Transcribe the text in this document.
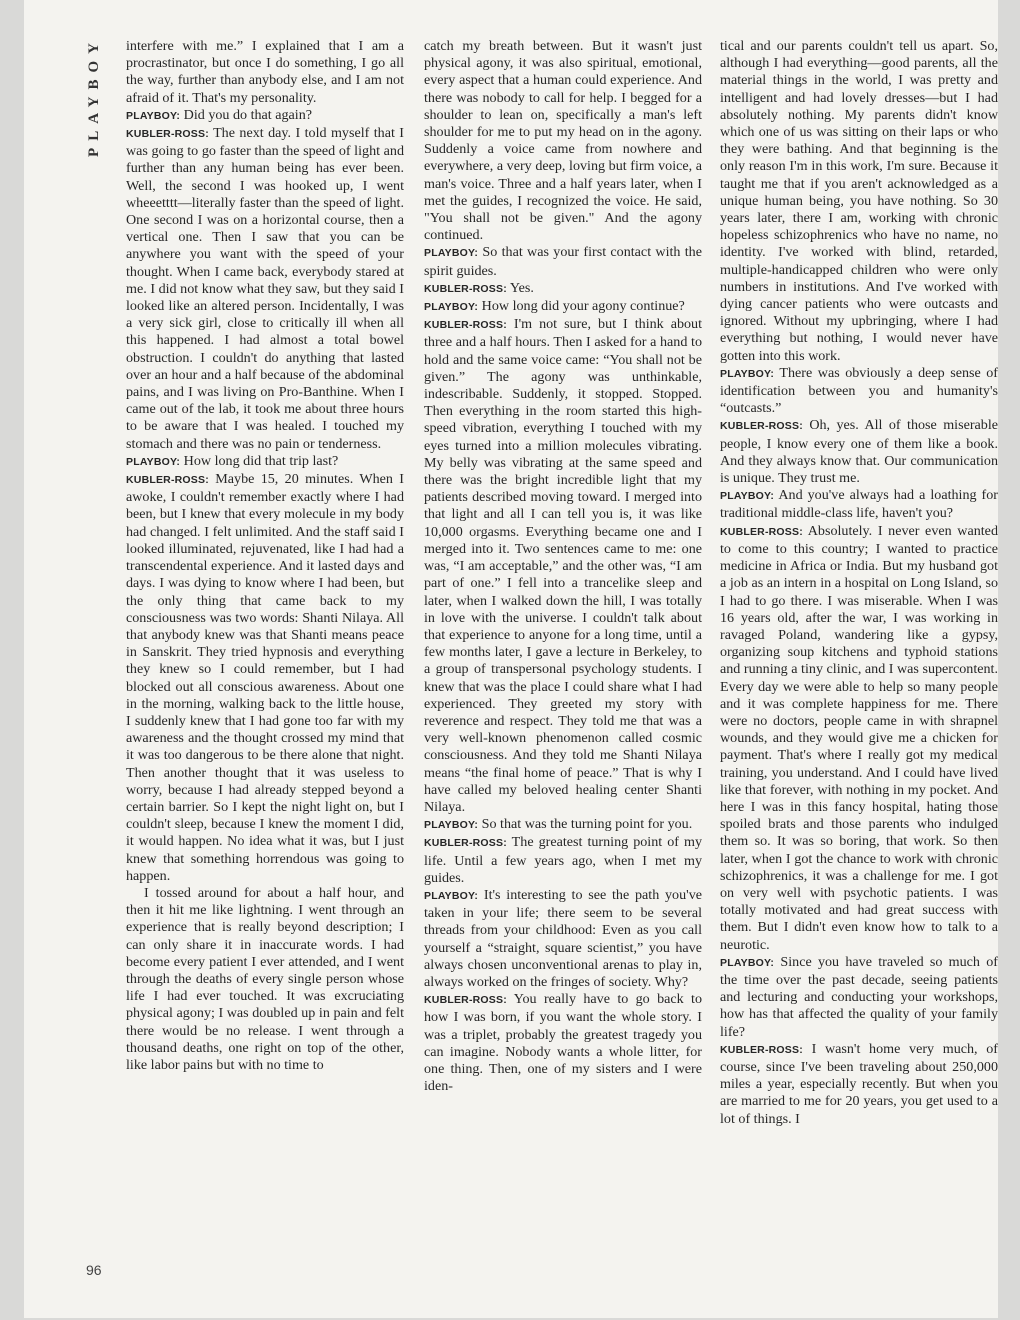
PLAYBOY interfere with me.” I explained that I am a procrastinator, but once I do something, I go all the way, further than anybody else, and I am not afraid of it. That's my personality.

PLAYBOY: Did you do that again?

KUBLER-ROSS: The next day. I told myself that I was going to go faster than the speed of light and further than any human being has ever been. Well, the second I was hooked up, I went wheeetttt—literally faster than the speed of light. One second I was on a horizontal course, then a vertical one. Then I saw that you can be anywhere you want with the speed of your thought. When I came back, everybody stared at me. I did not know what they saw, but they said I looked like an altered person. Incidentally, I was a very sick girl, close to critically ill when all this happened. I had almost a total bowel obstruction. I couldn't do anything that lasted over an hour and a half because of the abdominal pains, and I was living on Pro-Banthine. When I came out of the lab, it took me about three hours to be aware that I was healed. I touched my stomach and there was no pain or tenderness.

PLAYBOY: How long did that trip last?

KUBLER-ROSS: Maybe 15, 20 minutes. When I awoke, I couldn't remember exactly where I had been, but I knew that every molecule in my body had changed. I felt unlimited. And the staff said I looked illuminated, rejuvenated, like I had had a transcendental experience. And it lasted days and days. I was dying to know where I had been, but the only thing that came back to my consciousness was two words: Shanti Nilaya. All that anybody knew was that Shanti means peace in Sanskrit. They tried hypnosis and everything they knew so I could remember, but I had blocked out all conscious awareness. About one in the morning, walking back to the little house, I suddenly knew that I had gone too far with my awareness and the thought crossed my mind that it was too dangerous to be there alone that night. Then another thought that it was useless to worry, because I had already stepped beyond a certain barrier. So I kept the night light on, but I couldn't sleep, because I knew the moment I did, it would happen. No idea what it was, but I just knew that something horrendous was going to happen.

I tossed around for about a half hour, and then it hit me like lightning. I went through an experience that is really beyond description; I can only share it in inaccurate words. I had become every patient I ever attended, and I went through the deaths of every single person whose life I had ever touched. It was excruciating physical agony; I was doubled up in pain and felt there would be no release. I went through a thousand deaths, one right on top of the other, like labor pains but with no time to

catch my breath between. But it wasn't just physical agony, it was also spiritual, emotional, every aspect that a human could experience. And there was nobody to call for help. I begged for a shoulder to lean on, specifically a man's left shoulder for me to put my head on in the agony. Suddenly a voice came from nowhere and everywhere, a very deep, loving but firm voice, a man's voice. Three and a half years later, when I met the guides, I recognized the voice. He said, "You shall not be given." And the agony continued.

PLAYBOY: So that was your first contact with the spirit guides.

KUBLER-ROSS: Yes.

PLAYBOY: How long did your agony continue?

KUBLER-ROSS: I'm not sure, but I think about three and a half hours. Then I asked for a hand to hold and the same voice came: “You shall not be given.” The agony was unthinkable, indescribable. Suddenly, it stopped. Stopped. Then everything in the room started this high-speed vibration, everything I touched with my eyes turned into a million molecules vibrating. My belly was vibrating at the same speed and there was the bright incredible light that my patients described moving toward. I merged into that light and all I can tell you is, it was like 10,000 orgasms. Everything became one and I merged into it. Two sentences came to me: one was, “I am acceptable,” and the other was, “I am part of one.” I fell into a trancelike sleep and later, when I walked down the hill, I was totally in love with the universe. I couldn't talk about that experience to anyone for a long time, until a few months later, I gave a lecture in Berkeley, to a group of transpersonal psychology students. I knew that was the place I could share what I had experienced. They greeted my story with reverence and respect. They told me that was a very well-known phenomenon called cosmic consciousness. And they told me Shanti Nilaya means “the final home of peace.” That is why I have called my beloved healing center Shanti Nilaya.

PLAYBOY: So that was the turning point for you.

KUBLER-ROSS: The greatest turning point of my life. Until a few years ago, when I met my guides.

PLAYBOY: It's interesting to see the path you've taken in your life; there seem to be several threads from your childhood: Even as you call yourself a “straight, square scientist,” you have always chosen unconventional arenas to play in, always worked on the fringes of society. Why?

KUBLER-ROSS: You really have to go back to how I was born, if you want the whole story. I was a triplet, probably the greatest tragedy you can imagine. Nobody wants a whole litter, for one thing. Then, one of my sisters and I were iden-

tical and our parents couldn't tell us apart. So, although I had everything—good parents, all the material things in the world, I was pretty and intelligent and had lovely dresses—but I had absolutely nothing. My parents didn't know which one of us was sitting on their laps or who they were bathing. And that beginning is the only reason I'm in this work, I'm sure. Because it taught me that if you aren't acknowledged as a unique human being, you have nothing. So 30 years later, there I am, working with chronic hopeless schizophrenics who have no name, no identity. I've worked with blind, retarded, multiple-handicapped children who were only numbers in institutions. And I've worked with dying cancer patients who were outcasts and ignored. Without my upbringing, where I had everything but nothing, I would never have gotten into this work.

PLAYBOY: There was obviously a deep sense of identification between you and humanity's “outcasts.”

KUBLER-ROSS: Oh, yes. All of those miserable people, I know every one of them like a book. And they always know that. Our communication is unique. They trust me.

PLAYBOY: And you've always had a loathing for traditional middle-class life, haven't you?

KUBLER-ROSS: Absolutely. I never even wanted to come to this country; I wanted to practice medicine in Africa or India. But my husband got a job as an intern in a hospital on Long Island, so I had to go there. I was miserable. When I was 16 years old, after the war, I was working in ravaged Poland, wandering like a gypsy, organizing soup kitchens and typhoid stations and running a tiny clinic, and I was supercontent. Every day we were able to help so many people and it was complete happiness for me. There were no doctors, people came in with shrapnel wounds, and they would give me a chicken for payment. That's where I really got my medical training, you understand. And I could have lived like that forever, with nothing in my pocket. And here I was in this fancy hospital, hating those spoiled brats and those parents who indulged them so. It was so boring, that work. So then later, when I got the chance to work with chronic schizophrenics, it was a challenge for me. I got on very well with psychotic patients. I was totally motivated and had great success with them. But I didn't even know how to talk to a neurotic.

PLAYBOY: Since you have traveled so much of the time over the past decade, seeing patients and lecturing and conducting your workshops, how has that affected the quality of your family life?

KUBLER-ROSS: I wasn't home very much, of course, since I've been traveling about 250,000 miles a year, especially recently. But when you are married to me for 20 years, you get used to a lot of things. I

96
